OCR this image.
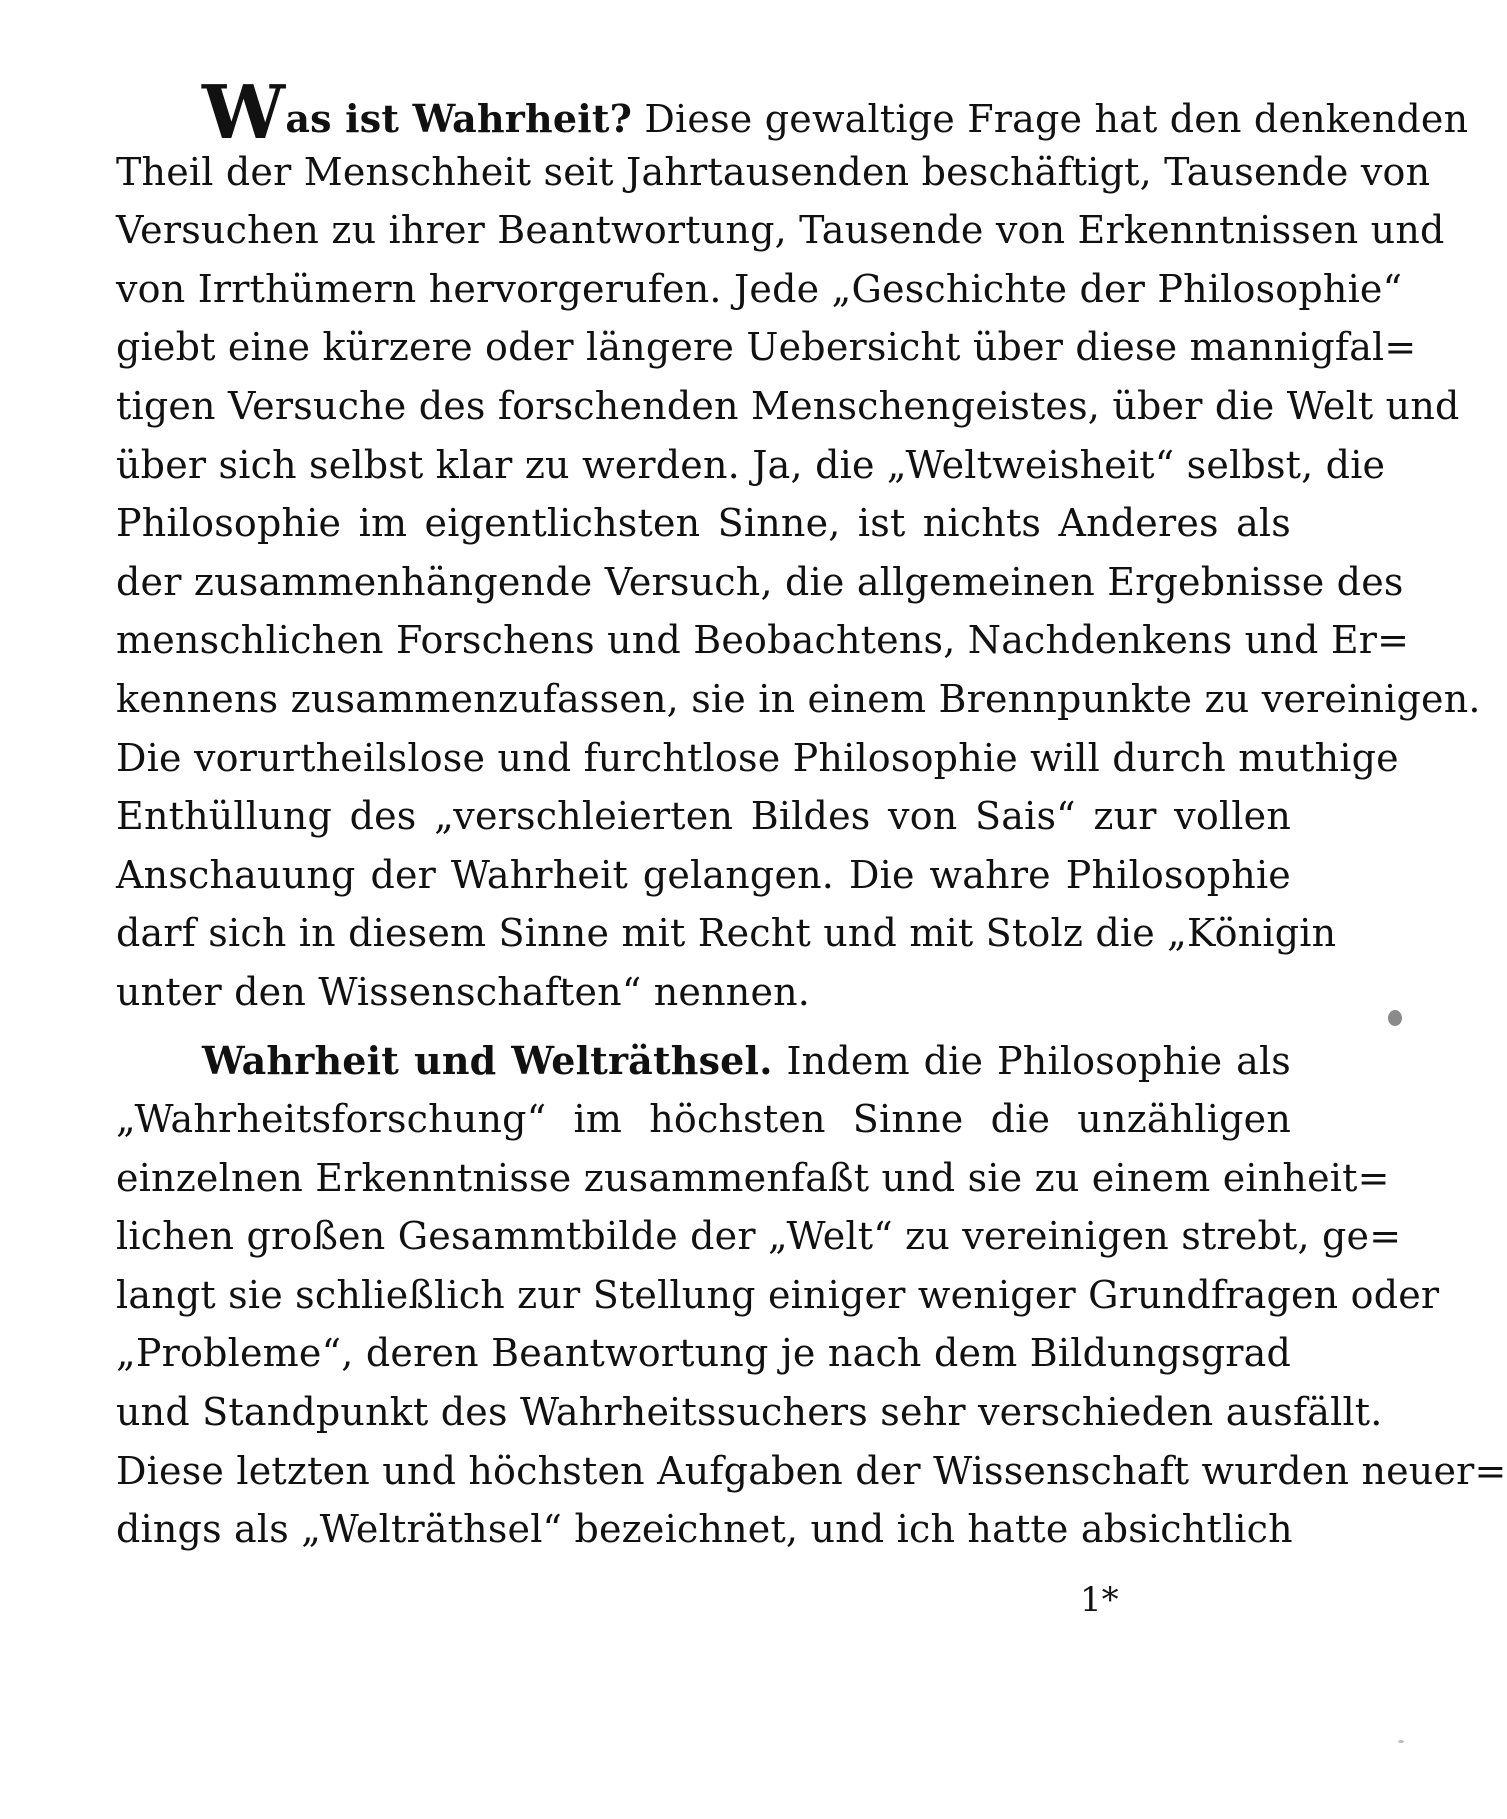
Was ist Wahrheit? Diese gewaltige Frage hat den denkenden
Theil der Menschheit seit Jahrtausenden beschäftigt, Tausende von
Versuchen zu ihrer Beantwortung, Tausende von Erkenntnissen und
von Irrthümern hervorgerufen. Jede „Geschichte der Philosophie“
giebt eine kürzere oder längere Uebersicht über diese mannigfal=
tigen Versuche des forschenden Menschengeistes, über die Welt und
über sich selbst klar zu werden. Ja, die „Weltweisheit“ selbst, die
Philosophie im eigentlichsten Sinne, ist nichts Anderes als
der zusammenhängende Versuch, die allgemeinen Ergebnisse des
menschlichen Forschens und Beobachtens, Nachdenkens und Er=
kennens zusammenzufassen, sie in einem Brennpunkte zu vereinigen.
Die vorurtheilslose und furchtlose Philosophie will durch muthige
Enthüllung des „verschleierten Bildes von Sais“ zur vollen
Anschauung der Wahrheit gelangen. Die wahre Philosophie
darf sich in diesem Sinne mit Recht und mit Stolz die „Königin
unter den Wissenschaften“ nennen.
Wahrheit und Welträthsel. Indem die Philosophie als
„Wahrheitsforschung“ im höchsten Sinne die unzähligen
einzelnen Erkenntnisse zusammenfaßt und sie zu einem einheit=
lichen großen Gesammtbilde der „Welt“ zu vereinigen strebt, ge=
langt sie schließlich zur Stellung einiger weniger Grundfragen oder
„Probleme“, deren Beantwortung je nach dem Bildungsgrad
und Standpunkt des Wahrheitssuchers sehr verschieden ausfällt.
Diese letzten und höchsten Aufgaben der Wissenschaft wurden neuer=
dings als „Welträthsel“ bezeichnet, und ich hatte absichtlich
1*
